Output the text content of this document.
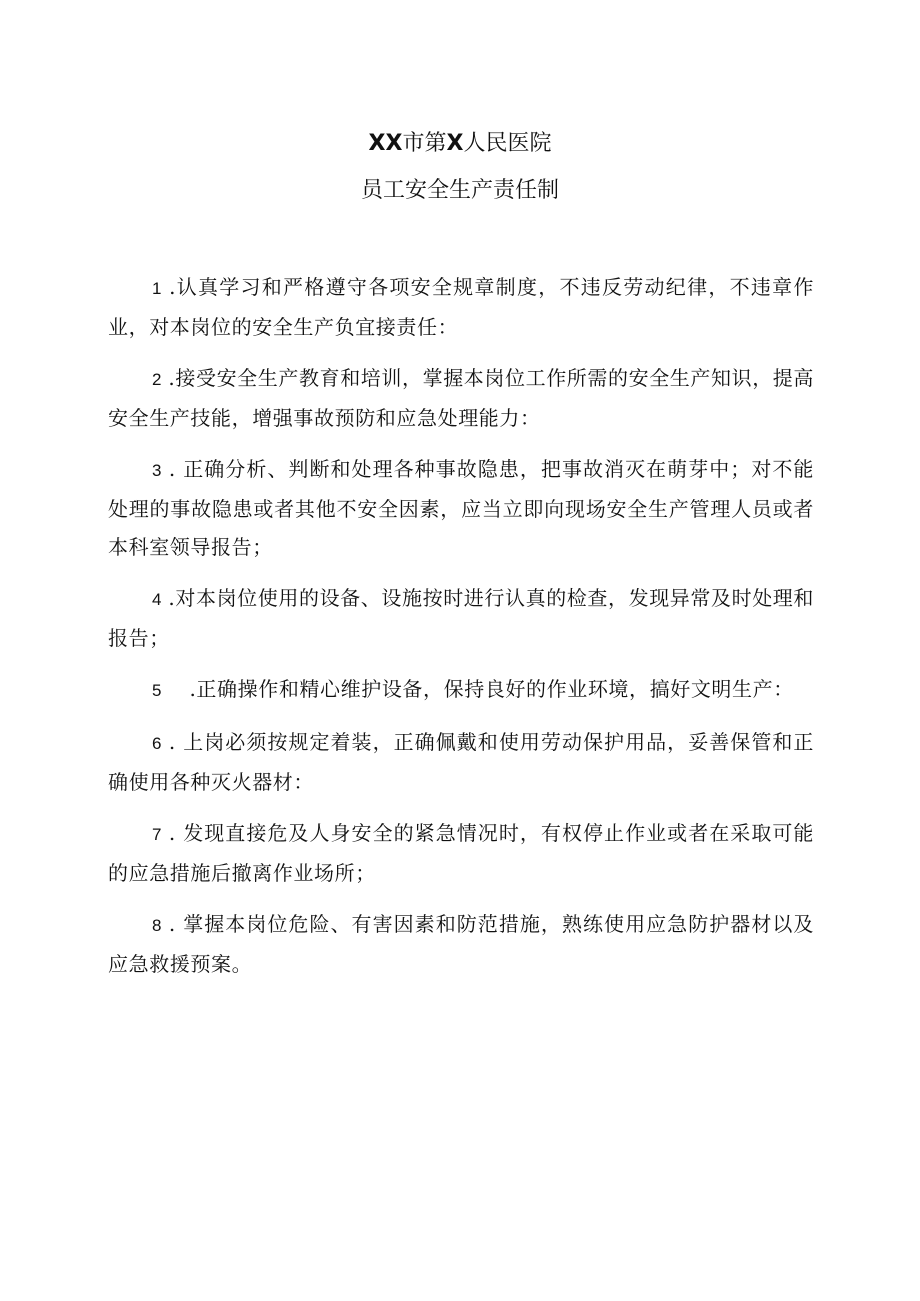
XX市第X人民医院
员工安全生产责任制

1 .认真学习和严格遵守各项安全规章制度，不违反劳动纪律，不违章作业，对本岗位的安全生产负宜接责任：

2 .接受安全生产教育和培训，掌握本岗位工作所需的安全生产知识，提高安全生产技能，增强事故预防和应急处理能力：

3 . 正确分析、判断和处理各种事故隐患，把事故消灭在萌芽中；对不能处理的事故隐患或者其他不安全因素，应当立即向现场安全生产管理人员或者本科室领导报告；

4 .对本岗位使用的设备、设施按时进行认真的检查，发现异常及时处理和报告；

5 .正确操作和精心维护设备，保持良好的作业环境，搞好文明生产：

6 . 上岗必须按规定着装，正确佩戴和使用劳动保护用品，妥善保管和正确使用各种灭火器材：

7 . 发现直接危及人身安全的紧急情况时，有权停止作业或者在采取可能的应急措施后撤离作业场所；

8 . 掌握本岗位危险、有害因素和防范措施，熟练使用应急防护器材以及应急救援预案。
